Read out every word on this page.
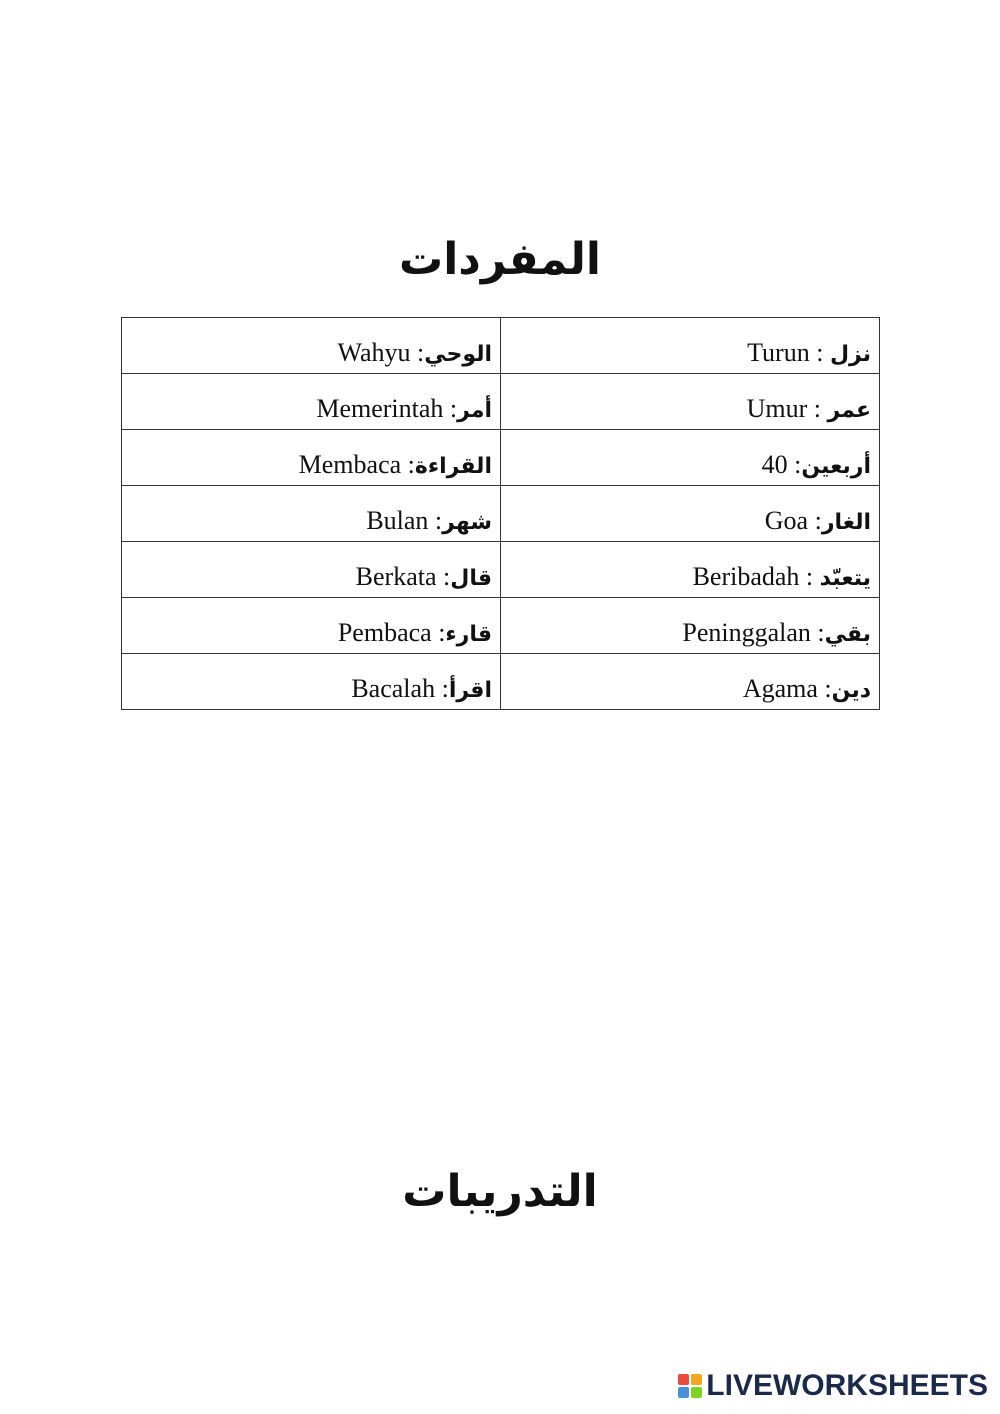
المفردات
Wahyu :الوحي	Turun : نزل
Memerintah :أمر	Umur : عمر
Membaca :القراءة	40 :أربعين
Bulan :شهر	Goa :الغار
Berkata :قال	Beribadah : يتعبّد
Pembaca :قارء	Peninggalan :بقي
Bacalah :اقرأ	Agama :دين
التدريبات
LIVEWORKSHEETS
